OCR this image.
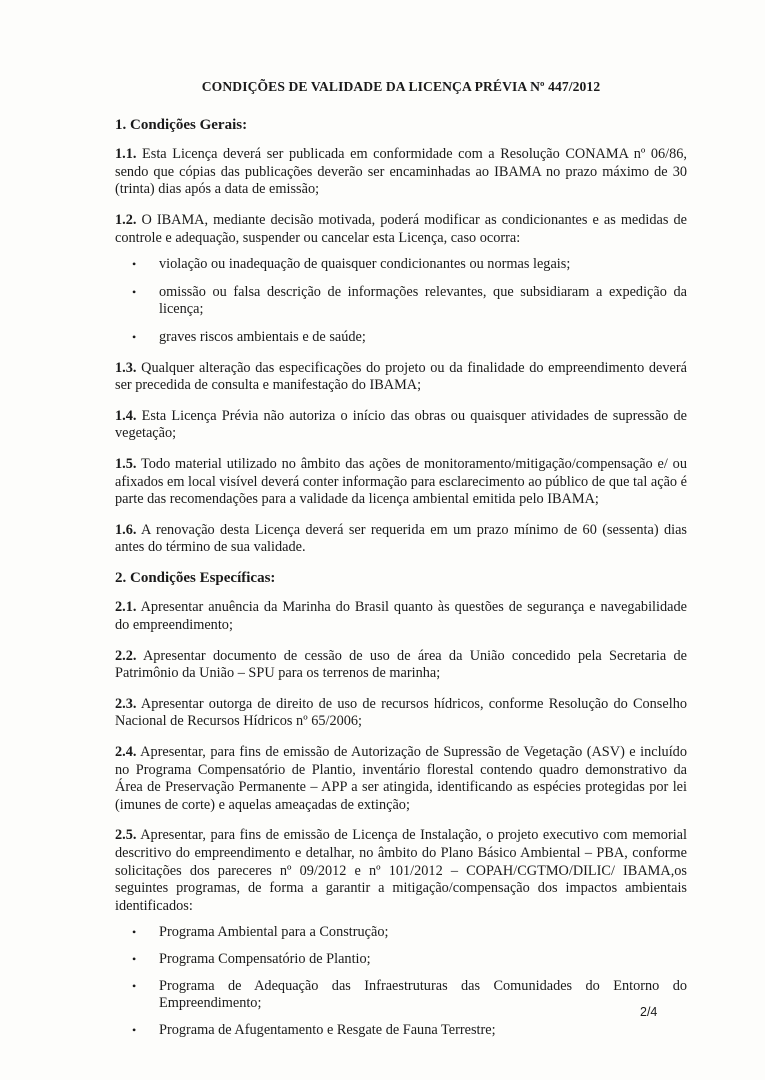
CONDIÇÕES DE VALIDADE DA LICENÇA PRÉVIA Nº 447/2012
1. Condições Gerais:

1.1. Esta Licença deverá ser publicada em conformidade com a Resolução CONAMA nº 06/86, sendo que cópias das publicações deverão ser encaminhadas ao IBAMA no prazo máximo de 30 (trinta) dias após a data de emissão;

1.2. O IBAMA, mediante decisão motivada, poderá modificar as condicionantes e as medidas de controle e adequação, suspender ou cancelar esta Licença, caso ocorra:

• violação ou inadequação de quaisquer condicionantes ou normas legais;
• omissão ou falsa descrição de informações relevantes, que subsidiaram a expedição da licença;
• graves riscos ambientais e de saúde;

1.3. Qualquer alteração das especificações do projeto ou da finalidade do empreendimento deverá ser precedida de consulta e manifestação do IBAMA;

1.4. Esta Licença Prévia não autoriza o início das obras ou quaisquer atividades de supressão de vegetação;

1.5. Todo material utilizado no âmbito das ações de monitoramento/mitigação/compensação e/ ou afixados em local visível deverá conter informação para esclarecimento ao público de que tal ação é parte das recomendações para a validade da licença ambiental emitida pelo IBAMA;

1.6. A renovação desta Licença deverá ser requerida em um prazo mínimo de 60 (sessenta) dias antes do término de sua validade.

2. Condições Específicas:

2.1. Apresentar anuência da Marinha do Brasil quanto às questões de segurança e navegabilidade do empreendimento;

2.2. Apresentar documento de cessão de uso de área da União concedido pela Secretaria de Patrimônio da União – SPU para os terrenos de marinha;

2.3. Apresentar outorga de direito de uso de recursos hídricos, conforme Resolução do Conselho Nacional de Recursos Hídricos nº 65/2006;

2.4. Apresentar, para fins de emissão de Autorização de Supressão de Vegetação (ASV) e incluído no Programa Compensatório de Plantio, inventário florestal contendo quadro demonstrativo da Área de Preservação Permanente – APP a ser atingida, identificando as espécies protegidas por lei (imunes de corte) e aquelas ameaçadas de extinção;

2.5. Apresentar, para fins de emissão de Licença de Instalação, o projeto executivo com memorial descritivo do empreendimento e detalhar, no âmbito do Plano Básico Ambiental – PBA, conforme solicitações dos pareceres nº 09/2012 e nº 101/2012 – COPAH/CGTMO/DILIC/ IBAMA,os seguintes programas, de forma a garantir a mitigação/compensação dos impactos ambientais identificados:

• Programa Ambiental para a Construção;
• Programa Compensatório de Plantio;
• Programa de Adequação das Infraestruturas das Comunidades do Entorno do Empreendimento;
• Programa de Afugentamento e Resgate de Fauna Terrestre;
2/4
